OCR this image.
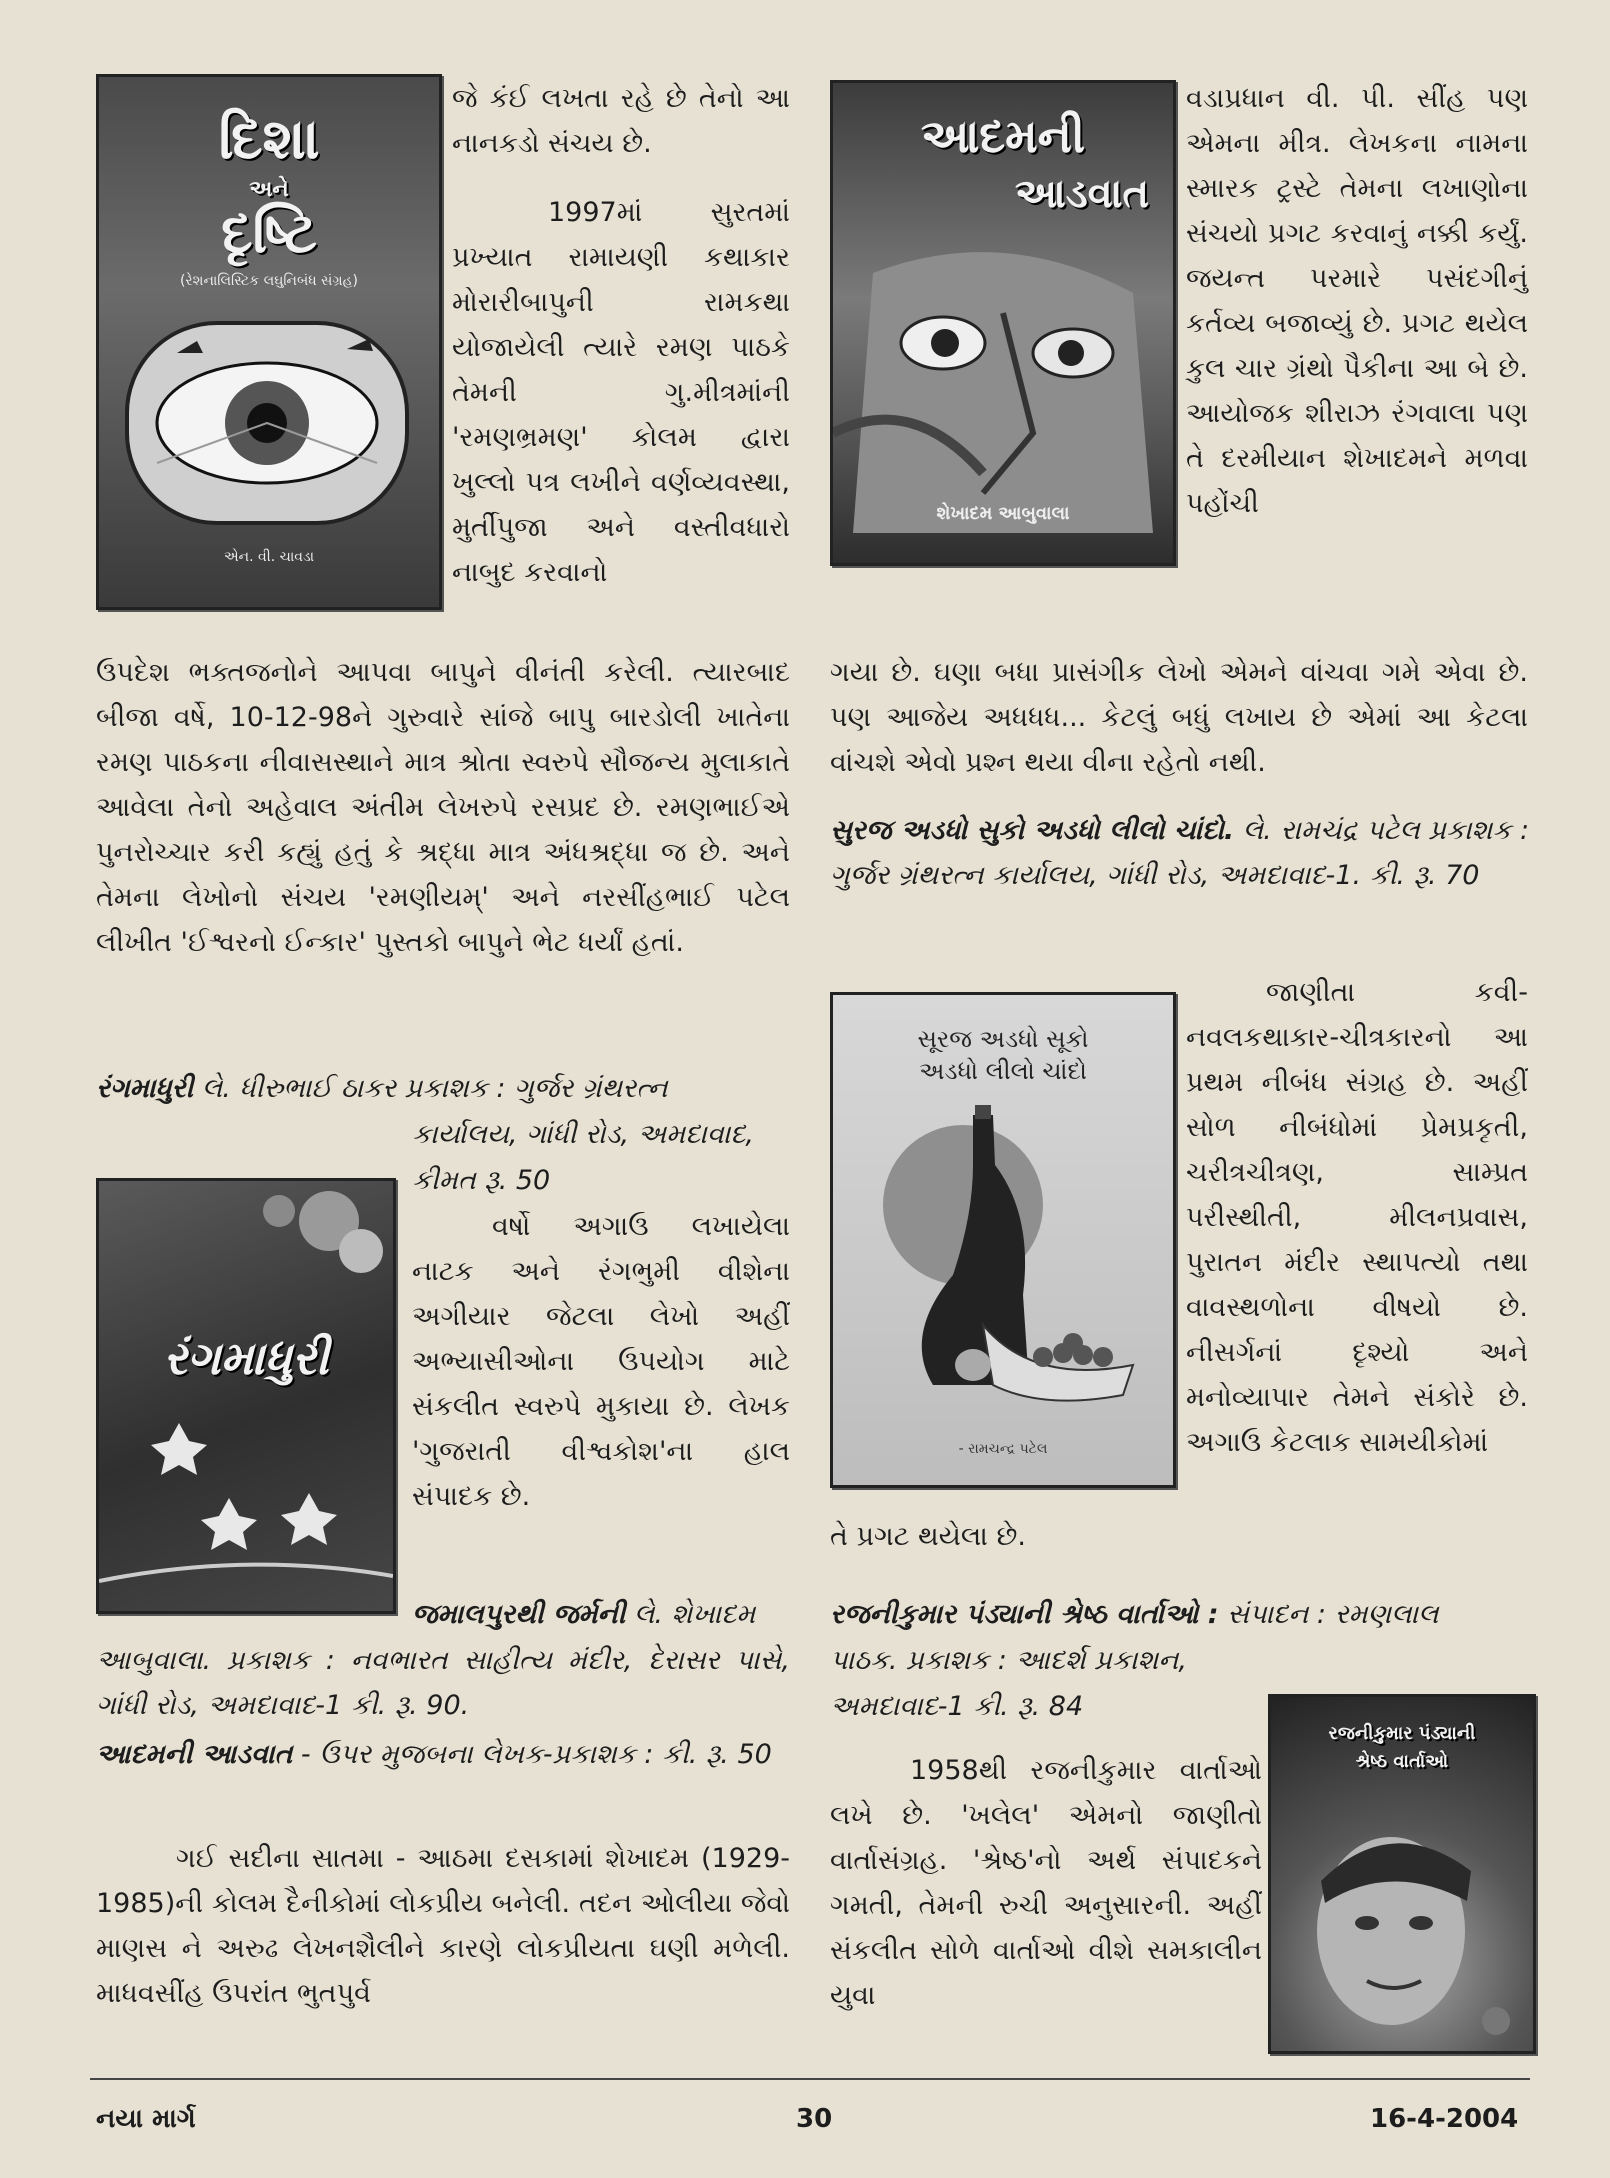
દિશા
અને
દૃષ્ટિ
(રેશનાલિસ્ટિક લઘુનિબંધ સંગ્રહ)
એન. વી. ચાવડા

જે કંઈ લખતા રહે છે તેનો આ નાનકડો સંચય છે.

1997માં સુરતમાં પ્રખ્યાત રામાયણી કથાકાર મોરારીબાપુની રામકથા યોજાયેલી ત્યારે રમણ પાઠકે તેમની ગુ.મીત્રમાંની 'રમણભ્રમણ' કોલમ દ્વારા ખુલ્લો પત્ર લખીને વર્ણવ્યવસ્થા, મુર્તીપુજા અને વસ્તીવધારો નાબુદ કરવાનો

ઉપદેશ ભક્તજનોને આપવા બાપુને વીનંતી કરેલી. ત્યારબાદ બીજા વર્ષે, 10-12-98ને ગુરુવારે સાંજે બાપુ બારડોલી ખાતેના રમણ પાઠકના નીવાસસ્થાને માત્ર શ્રોતા સ્વરુપે સૌજન્ય મુલાકાતે આવેલા તેનો અહેવાલ અંતીમ લેખરુપે રસપ્રદ છે. રમણભાઈએ પુનરોચ્ચાર કરી કહ્યું હતું કે શ્રદ્ધા માત્ર અંધશ્રદ્ધા જ છે. અને તેમના લેખોનો સંચય 'રમણીયમ્' અને નરસીંહભાઈ પટેલ લીખીત 'ઈશ્વરનો ઈન્કાર' પુસ્તકો બાપુને ભેટ ધર્યાં હતાં.

રંગમાધુરી લે. ધીરુભાઈ ઠાકર પ્રકાશક : ગુર્જર ગ્રંથરત્ન

કાર્યાલય, ગાંધી રોડ, અમદાવાદ,

કીમત રૂ. 50

રંગમાધુરી

વર્ષો અગાઉ લખાયેલા નાટક અને રંગભુમી વીશેના અગીયાર જેટલા લેખો અહીં અભ્યાસીઓના ઉપયોગ માટે સંકલીત સ્વરુપે મુકાયા છે. લેખક 'ગુજરાતી વીશ્વકોશ'ના હાલ સંપાદક છે.

જમાલપુરથી જર્મની લે. શેખાદમ

આબુવાલા. પ્રકાશક : નવભારત સાહીત્ય મંદીર, દેરાસર પાસે, ગાંધી રોડ, અમદાવાદ-1 કી. રૂ. 90.

આદમની આડવાત - ઉપર મુજબના લેખક-પ્રકાશક : કી. રૂ. 50

ગઈ સદીના સાતમા - આઠમા દસકામાં શેખાદમ (1929-1985)ની કોલમ દૈનીકોમાં લોકપ્રીય બનેલી. તદન ઓલીયા જેવો માણસ ને અરુઢ લેખનશૈલીને કારણે લોકપ્રીયતા ઘણી મળેલી. માધવસીંહ ઉપરાંત ભુતપુર્વ

આદમની
આડવાત
શેખાદમ આબુવાલા

વડાપ્રધાન વી. પી. સીંહ પણ એમના મીત્ર. લેખકના નામના સ્મારક ટ્રસ્ટે તેમના લખાણોના સંચયો પ્રગટ કરવાનું નક્કી કર્યું. જયન્ત પરમારે પસંદગીનું કર્તવ્ય બજાવ્યું છે. પ્રગટ થયેલ કુલ ચાર ગ્રંથો પૈકીના આ બે છે. આયોજક શીરાઝ રંગવાલા પણ તે દરમીયાન શેખાદમને મળવા પહોંચી

ગયા છે. ઘણા બધા પ્રાસંગીક લેખો એમને વાંચવા ગમે એવા છે. પણ આજેય અધધધ... કેટલું બધું લખાય છે એમાં આ કેટલા વાંચશે એવો પ્રશ્ન થયા વીના રહેતો નથી.

સુરજ અડધો સુકો અડધો લીલો ચાંદો. લે. રામચંદ્ર પટેલ પ્રકાશક : ગુર્જર ગ્રંથરત્ન કાર્યાલય, ગાંધી રોડ, અમદાવાદ-1. કી. રૂ. 70

સૂરજ અડધો સૂકો
અડધો લીલો ચાંદો
- રામચન્દ્ર પટેલ

જાણીતા કવી-નવલકથાકાર-ચીત્રકારનો આ પ્રથમ નીબંધ સંગ્રહ છે. અહીં સોળ નીબંધોમાં પ્રેમપ્રકૃતી, ચરીત્રચીત્રણ, સામ્પ્રત પરીસ્થીતી, મીલનપ્રવાસ, પુરાતન મંદીર સ્થાપત્યો તથા વાવસ્થળોના વીષયો છે. નીસર્ગનાં દૃશ્યો અને મનોવ્યાપાર તેમને સંકોરે છે. અગાઉ કેટલાક સામયીકોમાં

તે પ્રગટ થયેલા છે.

રજનીકુમાર પંડ્યાની શ્રેષ્ઠ વાર્તાઓ : સંપાદન : રમણલાલ

પાઠક. પ્રકાશક : આદર્શ પ્રકાશન,

અમદાવાદ-1 કી. રૂ. 84

1958થી રજનીકુમાર વાર્તાઓ લખે છે. 'ખલેલ' એમનો જાણીતો વાર્તાસંગ્રહ. 'શ્રેષ્ઠ'નો અર્થ સંપાદકને ગમતી, તેમની રુચી અનુસારની. અહીં સંકલીત સોળે વાર્તાઓ વીશે સમકાલીન યુવા

રજનીકુમાર પંડ્યાની
શ્રેષ્ઠ વાર્તાઓ
નયા માર્ગ	30	16-4-2004
